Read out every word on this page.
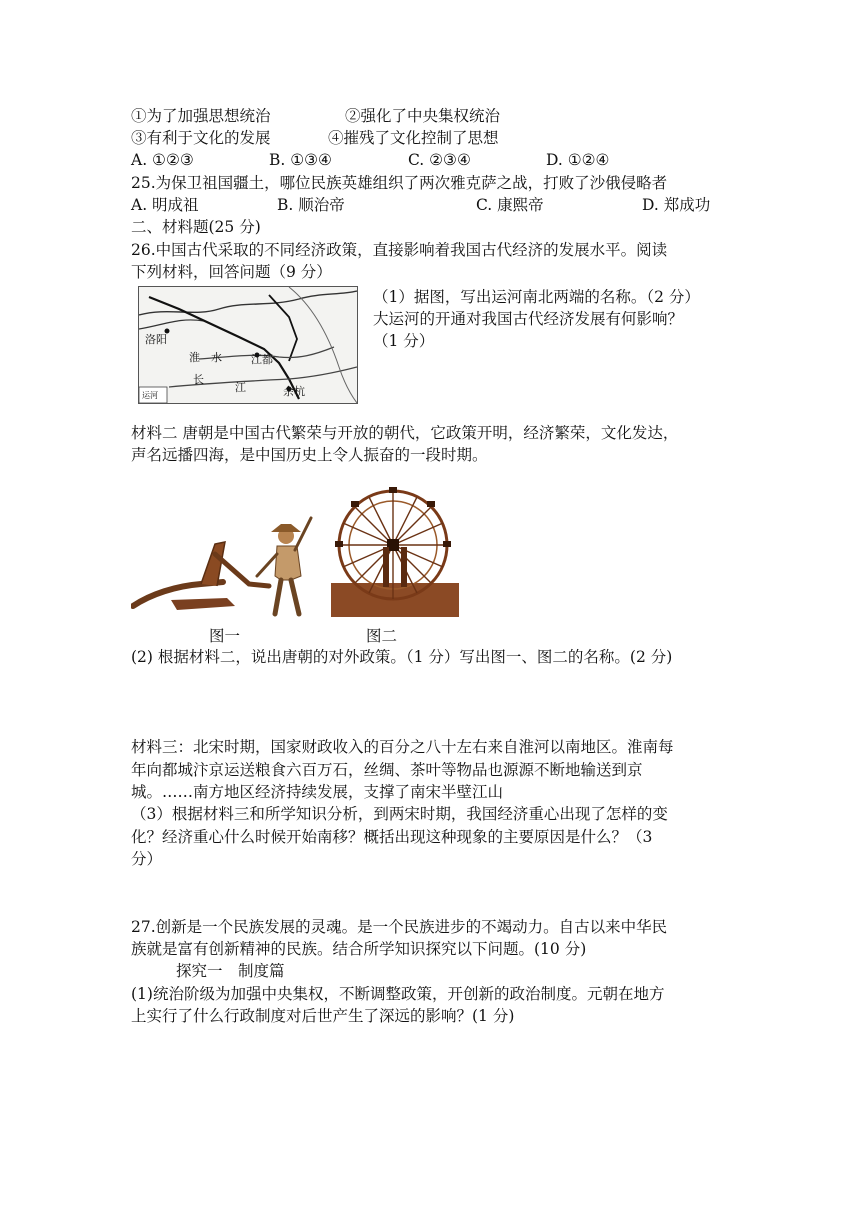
①为了加强思想统治	②强化了中央集权统治
③有利于文化的发展	④摧残了文化控制了思想
A. ①②③	B. ①③④	C. ②③④	D. ①②④
25.为保卫祖国疆土，哪位民族英雄组织了两次雅克萨之战，打败了沙俄侵略者
A. 明成祖	B. 顺治帝	C. 康熙帝	D. 郑成功
二、材料题(25 分)
26.中国古代采取的不同经济政策，直接影响着我国古代经济的发展水平。阅读
下列材料，回答问题（9 分）
洛阳
淮　水	江都
长
江	余杭
运河
（1）据图，写出运河南北两端的名称。（2 分）
大运河的开通对我国古代经济发展有何影响？
（1 分）
材料二 唐朝是中国古代繁荣与开放的朝代，它政策开明，经济繁荣，文化发达，
声名远播四海，是中国历史上令人振奋的一段时期。
图一	图二
(2) 根据材料二，说出唐朝的对外政策。（1 分）写出图一、图二的名称。(2 分)
材料三：北宋时期，国家财政收入的百分之八十左右来自淮河以南地区。淮南每
年向都城汴京运送粮食六百万石，丝绸、茶叶等物品也源源不断地输送到京
城。……南方地区经济持续发展，支撑了南宋半壁江山
（3）根据材料三和所学知识分析，到两宋时期，我国经济重心出现了怎样的变
化？经济重心什么时候开始南移？概括出现这种现象的主要原因是什么？（3
分）
27.创新是一个民族发展的灵魂。是一个民族进步的不竭动力。自古以来中华民
族就是富有创新精神的民族。结合所学知识探究以下问题。(10 分)
探究一　制度篇
(1)统治阶级为加强中央集权，不断调整政策，开创新的政治制度。元朝在地方
上实行了什么行政制度对后世产生了深远的影响？(1 分)
